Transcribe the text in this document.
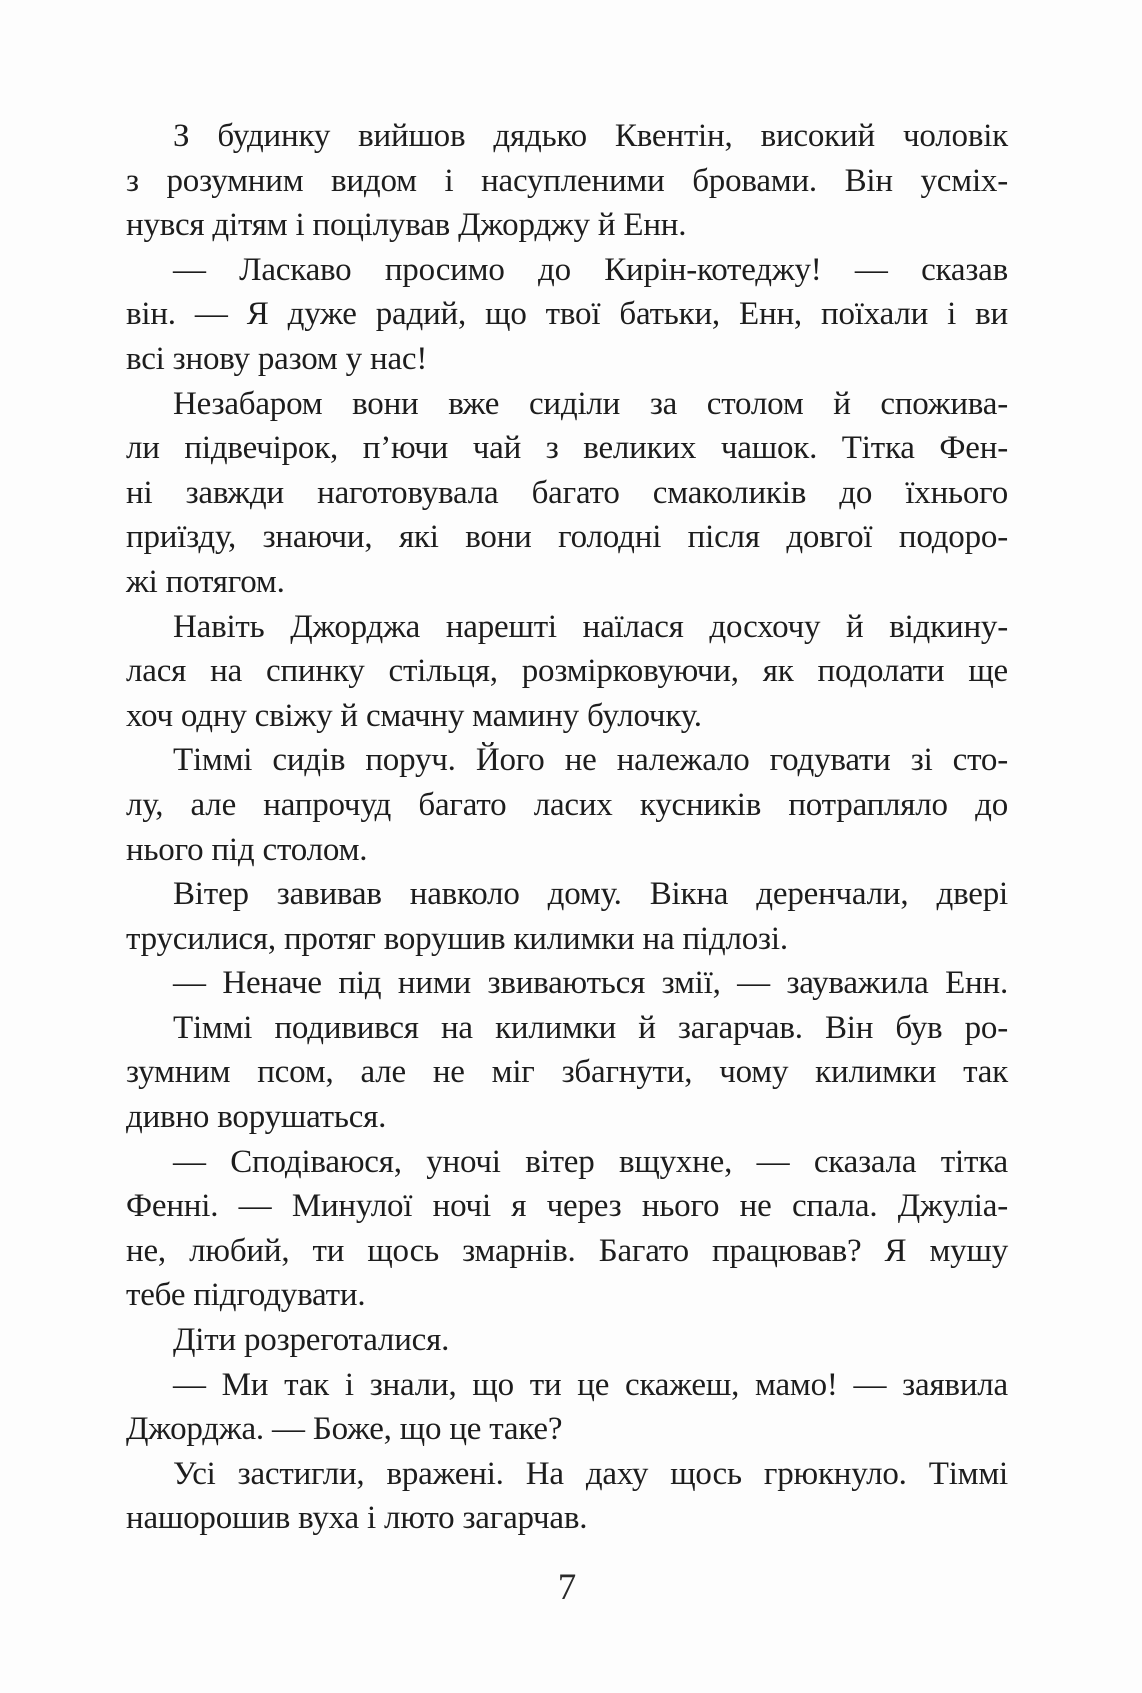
З будинку вийшов дядько Квентін, високий чоловік
з розумним видом і насупленими бровами. Він усміх-
нувся дітям і поцілував Джорджу й Енн.
— Ласкаво просимо до Кирін-котеджу! — сказав
він. — Я дуже радий, що твої батьки, Енн, поїхали і ви
всі знову разом у нас!
Незабаром вони вже сиділи за столом й спожива-
ли підвечірок, п’ючи чай з великих чашок. Тітка Фен-
ні завжди наготовувала багато смаколиків до їхнього
приїзду, знаючи, які вони голодні після довгої подоро-
жі потягом.
Навіть Джорджа нарешті наїлася досхочу й відкину-
лася на спинку стільця, розмірковуючи, як подолати ще
хоч одну свіжу й смачну мамину булочку.
Тіммі сидів поруч. Його не належало годувати зі сто-
лу, але напрочуд багато ласих кусників потрапляло до
нього під столом.
Вітер завивав навколо дому. Вікна деренчали, двері
трусилися, протяг ворушив килимки на підлозі.
— Неначе під ними звиваються змії, — зауважила Енн.
Тіммі подивився на килимки й загарчав. Він був ро-
зумним псом, але не міг збагнути, чому килимки так
дивно ворушаться.
— Сподіваюся, уночі вітер вщухне, — сказала тітка
Фенні. — Минулої ночі я через нього не спала. Джуліа-
не, любий, ти щось змарнів. Багато працював? Я мушу
тебе підгодувати.
Діти розреготалися.
— Ми так і знали, що ти це скажеш, мамо! — заявила
Джорджа. — Боже, що це таке?
Усі застигли, вражені. На даху щось грюкнуло. Тіммі
нашорошив вуха і люто загарчав.
7
